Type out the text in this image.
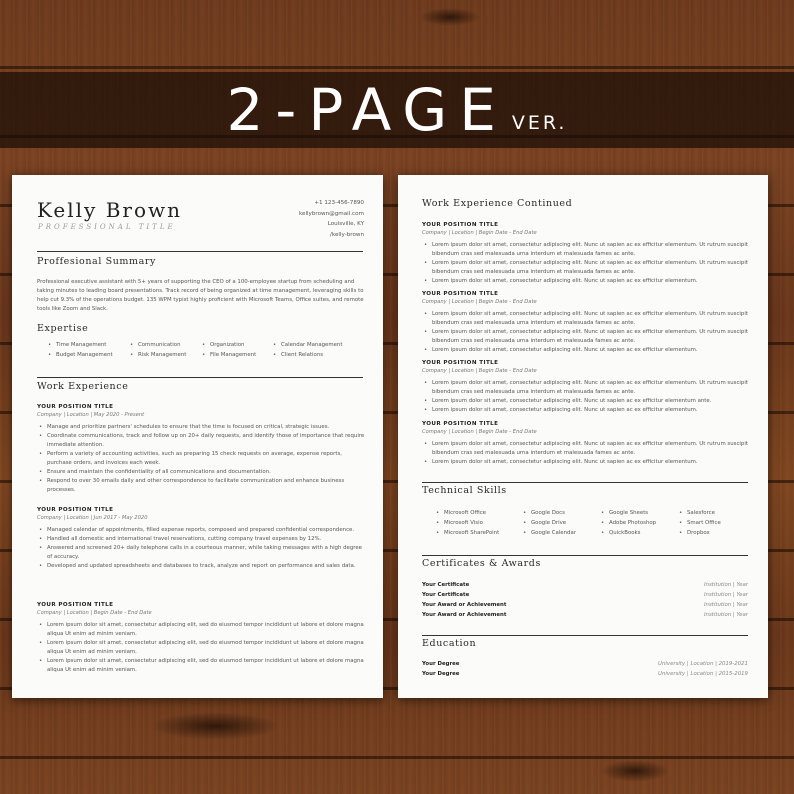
2-PAGE VER.
Kelly Brown
PROFESSIONAL TITLE
+1 123-456-7890
kellybrown@gmail.com
Louisville, KY
/kelly-brown
Proffesional Summary
Professional executive assistant with 5+ years of supporting the CEO of a 100-employee startup from scheduling and taking minutes to leading board presentations. Track record of being organized at time management, leveraging skills to help cut 9.3% of the operations budget. 135 WPM typist highly proficient with Microsoft Teams, Office suites, and remote tools like Zoom and Slack.
Expertise
• Time Management	• Communication	• Organization	• Calendar Management
• Budget Management	• Risk Management	• File Management	• Client Relations
Work Experience
YOUR POSITION TITLE
Company | Location | May 2020 - Present
• Manage and prioritize partners' schedules to ensure that the time is focused on critical, strategic issues.
• Coordinate communications, track and follow up on 20+ daily requests, and identify those of importance that require immediate attention.
• Perform a variety of accounting activities, such as preparing 15 check requests on average, expense reports, purchase orders, and invoices each week.
• Ensure and maintain the confidentiality of all communications and documentation.
• Respond to over 30 emails daily and other correspondence to facilitate communication and enhance business processes.
YOUR POSITION TITLE
Company | Location | Jun 2017 - May 2020
• Managed calendar of appointments, filled expense reports, composed and prepared confidential correspondence.
• Handled all domestic and international travel reservations, cutting company travel expenses by 12%.
• Answered and screened 20+ daily telephone calls in a courteous manner, while taking messages with a high degree of accuracy.
• Developed and updated spreadsheets and databases to track, analyze and report on performance and sales data.
YOUR POSITION TITLE
Company | Location | Begin Date - End Date
• Lorem ipsum dolor sit amet, consectetur adipiscing elit, sed do eiusmod tempor incididunt ut labore et dolore magna aliqua Ut enim ad minim veniam.
• Lorem ipsum dolor sit amet, consectetur adipiscing elit, sed do eiusmod tempor incididunt ut labore et dolore magna aliqua Ut enim ad minim veniam.
• Lorem ipsum dolor sit amet, consectetur adipiscing elit, sed do eiusmod tempor incididunt ut labore et dolore magna aliqua Ut enim ad minim veniam.
Work Experience Continued
YOUR POSITION TITLE
Company | Location | Begin Date - End Date
• Lorem ipsum dolor sit amet, consectetur adipiscing elit. Nunc ut sapien ac ex efficitur elementum. Ut rutrum suscipit bibendum cras sed malesuada urna interdum et malesuada fames ac ante.
• Lorem ipsum dolor sit amet, consectetur adipiscing elit. Nunc ut sapien ac ex efficitur elementum. Ut rutrum suscipit bibendum cras sed malesuada urna interdum et malesuada fames ac ante.
• Lorem ipsum dolor sit amet, consectetur adipiscing elit. Nunc ut sapien ac ex efficitur elementum.
YOUR POSITION TITLE
Company | Location | Begin Date - End Date
• Lorem ipsum dolor sit amet, consectetur adipiscing elit. Nunc ut sapien ac ex efficitur elementum. Ut rutrum suscipit bibendum cras sed malesuada urna interdum et malesuada fames ac ante.
• Lorem ipsum dolor sit amet, consectetur adipiscing elit. Nunc ut sapien ac ex efficitur elementum. Ut rutrum suscipit bibendum cras sed malesuada urna interdum et malesuada fames ac ante.
• Lorem ipsum dolor sit amet, consectetur adipiscing elit. Nunc ut sapien ac ex efficitur elementum.
YOUR POSITION TITLE
Company | Location | Begin Date - End Date
• Lorem ipsum dolor sit amet, consectetur adipiscing elit. Nunc ut sapien ac ex efficitur elementum. Ut rutrum suscipit bibendum cras sed malesuada urna interdum et malesuada fames ac ante.
• Lorem ipsum dolor sit amet, consectetur adipiscing elit. Nunc ut sapien ac ex efficitur elementum ante.
• Lorem ipsum dolor sit amet, consectetur adipiscing elit. Nunc ut sapien ac ex efficitur elementum.
YOUR POSITION TITLE
Company | Location | Begin Date - End Date
• Lorem ipsum dolor sit amet, consectetur adipiscing elit. Nunc ut sapien ac ex efficitur elementum. Ut rutrum suscipit bibendum cras sed malesuada urna interdum et malesuada fames ac ante.
• Lorem ipsum dolor sit amet, consectetur adipiscing elit. Nunc ut sapien ac ex efficitur elementum.
Technical Skills
• Microsoft Office	• Google Docs	• Google Sheets	• Salesforce
• Microsoft Visio	• Google Drive	• Adobe Photoshop	• Smart Office
• Microsoft SharePoint	• Google Calendar	• QuickBooks	• Dropbox
Certificates & Awards
Your Certificate	Institution | Year
Your Certificate	Institution | Year
Your Award or Achievement	Institution | Year
Your Award or Achievement	Institution | Year
Education
Your Degree	University | Location | 2019-2021
Your Degree	University | Location | 2015-2019
